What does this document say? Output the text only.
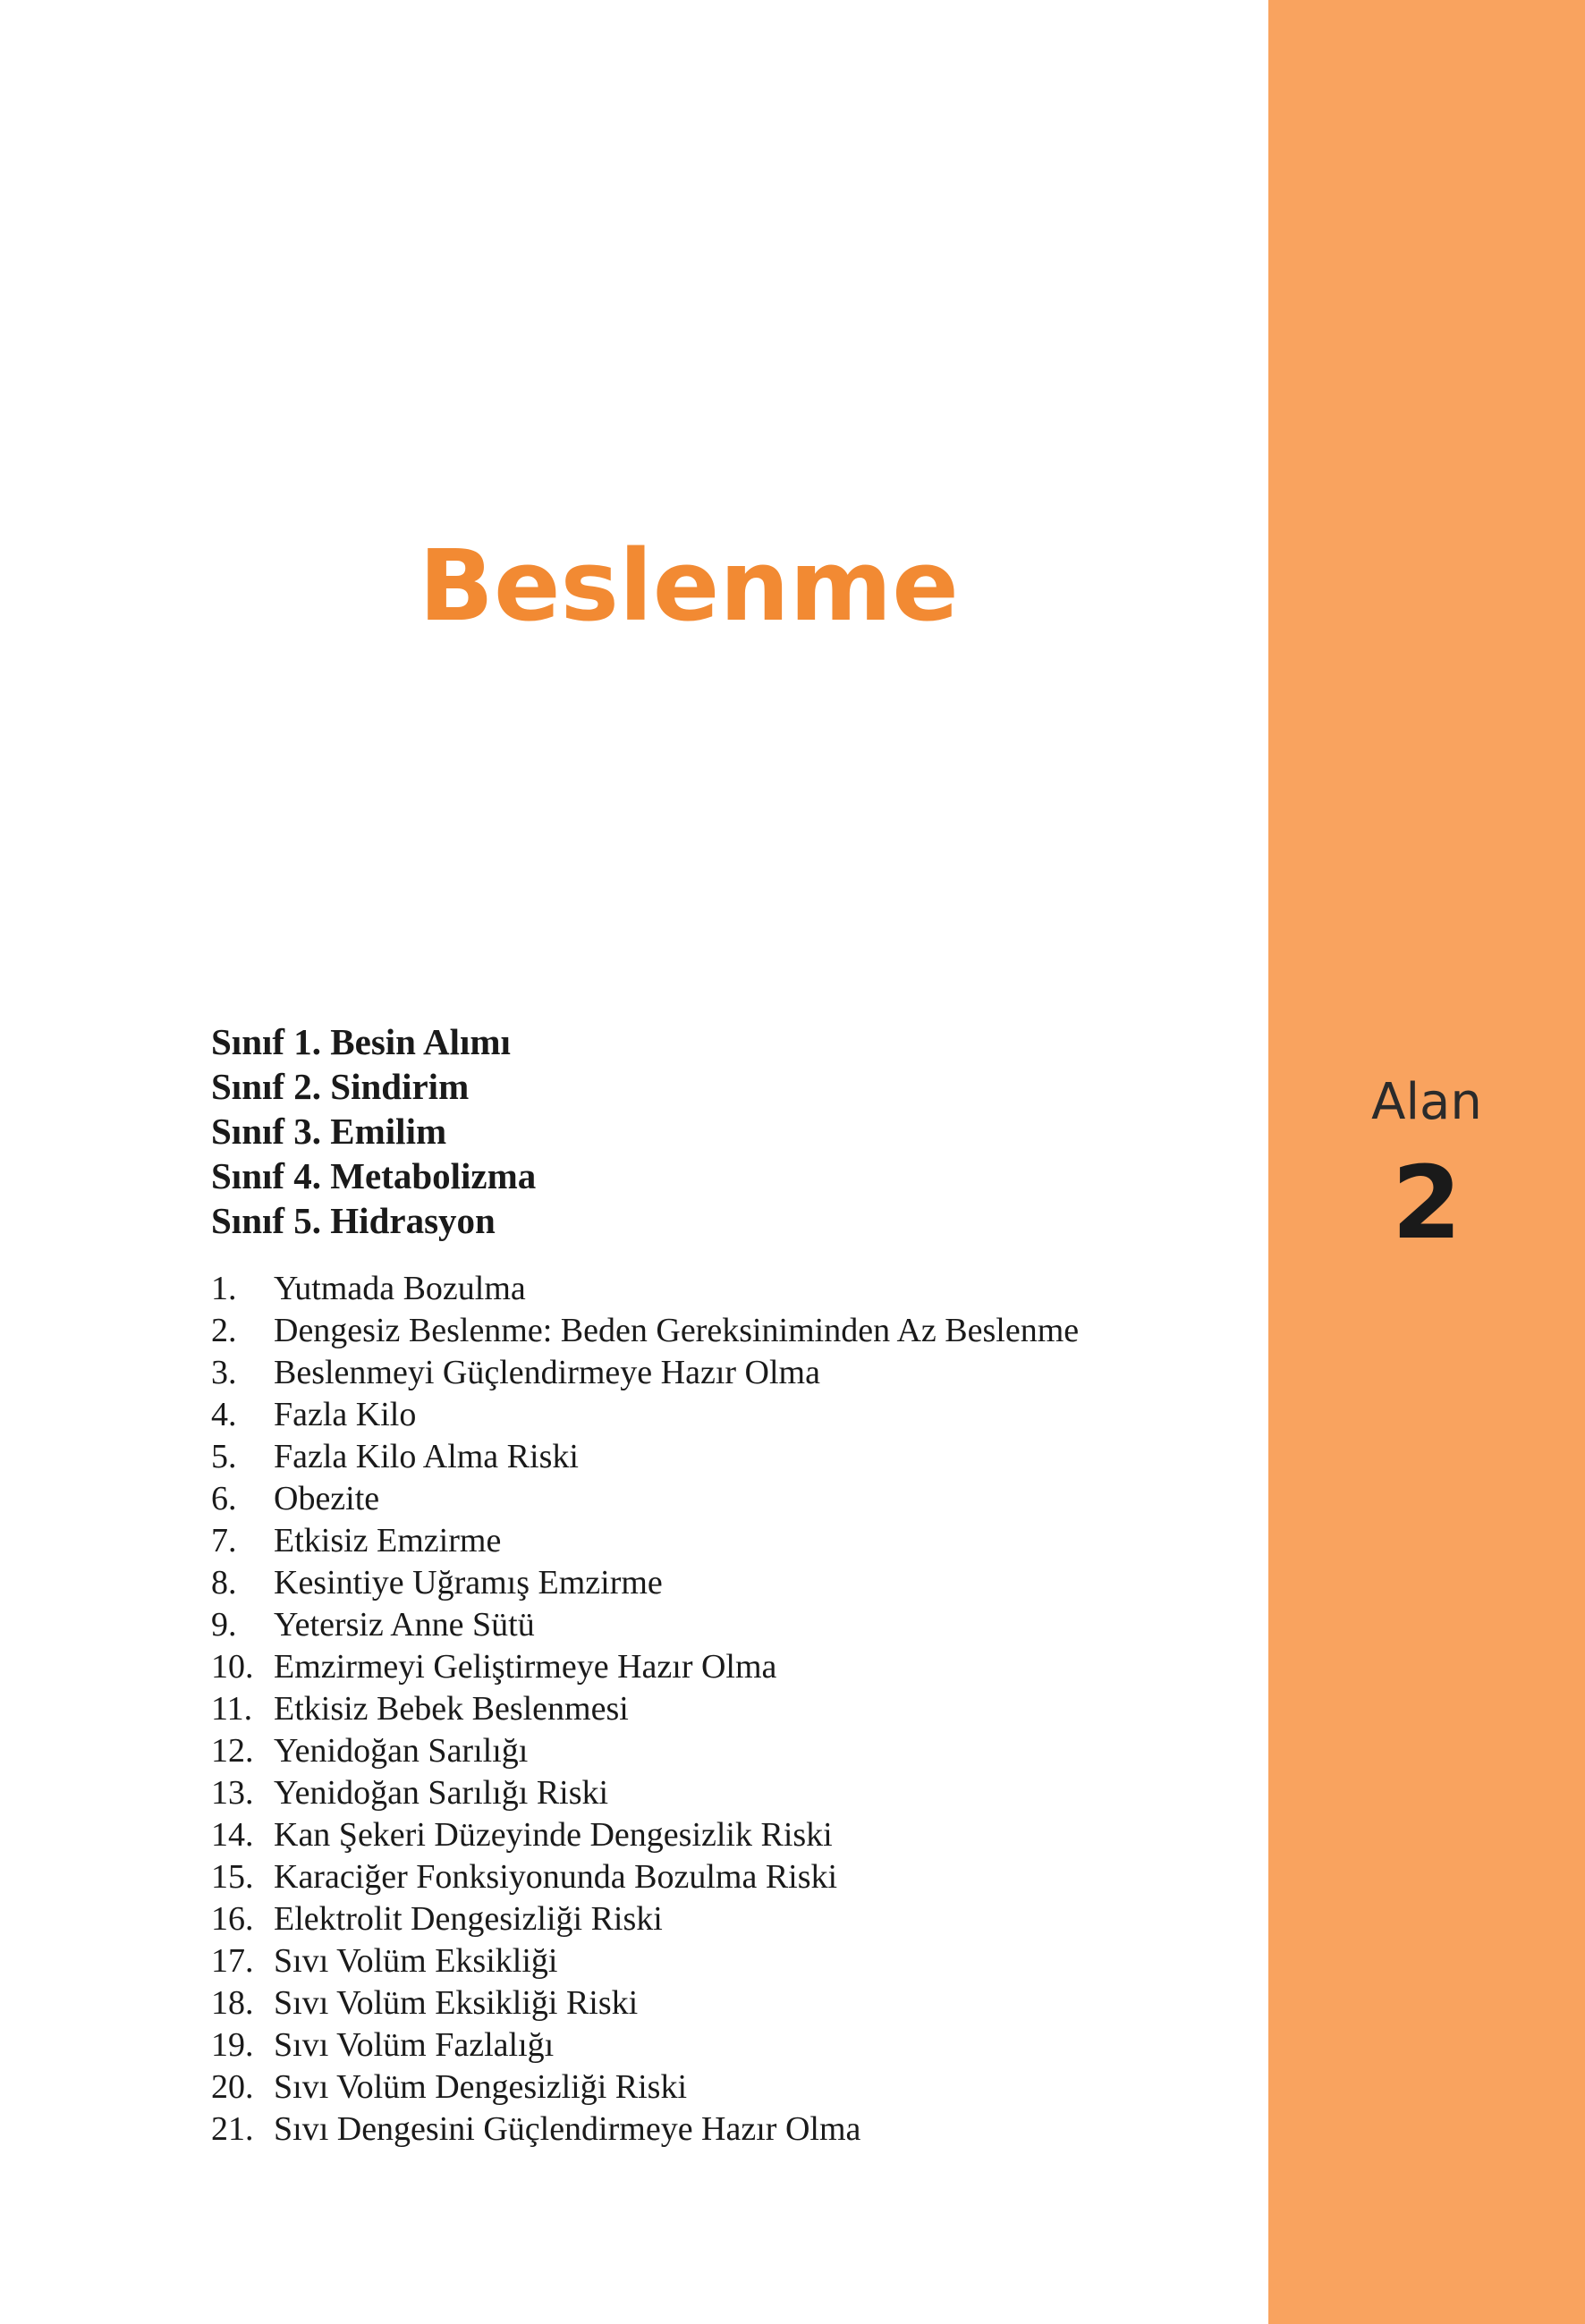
Alan
2
Beslenme
Sınıf 1. Besin Alımı
Sınıf 2. Sindirim
Sınıf 3. Emilim
Sınıf 4. Metabolizma
Sınıf 5. Hidrasyon
1. Yutmada Bozulma
2. Dengesiz Beslenme: Beden Gereksiniminden Az Beslenme
3. Beslenmeyi Güçlendirmeye Hazır Olma
4. Fazla Kilo
5. Fazla Kilo Alma Riski
6. Obezite
7. Etkisiz Emzirme
8. Kesintiye Uğramış Emzirme
9. Yetersiz Anne Sütü
10. Emzirmeyi Geliştirmeye Hazır Olma
11. Etkisiz Bebek Beslenmesi
12. Yenidoğan Sarılığı
13. Yenidoğan Sarılığı Riski
14. Kan Şekeri Düzeyinde Dengesizlik Riski
15. Karaciğer Fonksiyonunda Bozulma Riski
16. Elektrolit Dengesizliği Riski
17. Sıvı Volüm Eksikliği
18. Sıvı Volüm Eksikliği Riski
19. Sıvı Volüm Fazlalığı
20. Sıvı Volüm Dengesizliği Riski
21. Sıvı Dengesini Güçlendirmeye Hazır Olma
